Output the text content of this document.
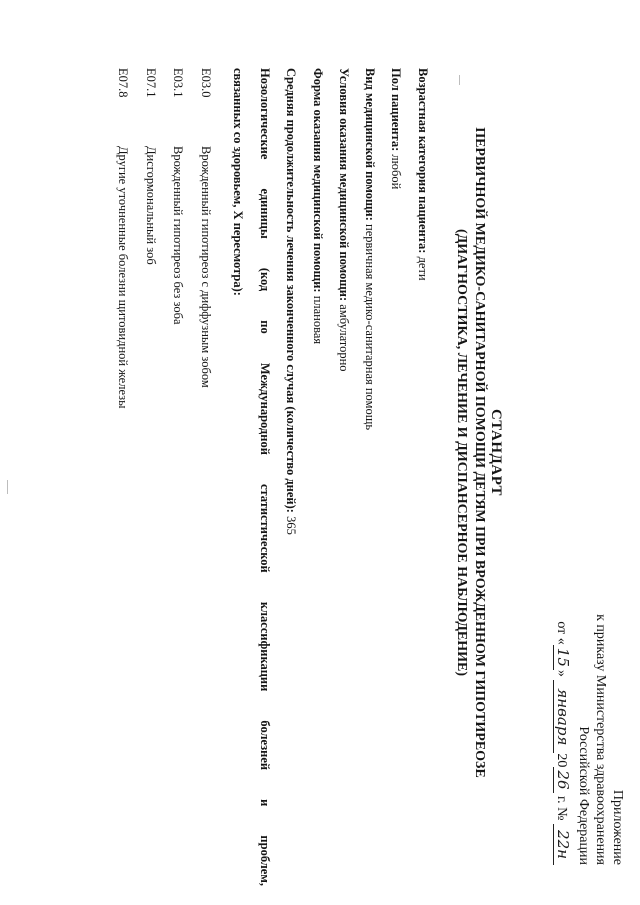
Приложение
к приказу Министерства здравоохранения
Российской Федерации
от «15» января2026 г. № 22н
СТАНДАРТ
ПЕРВИЧНОЙ МЕДИКО-САНИТАРНОЙ ПОМОЩИ ДЕТЯМ ПРИ ВРОЖДЕННОМ ГИПОТИРЕОЗЕ
(ДИАГНОСТИКА, ЛЕЧЕНИЕ И ДИСПАНСЕРНОЕ НАБЛЮДЕНИЕ)
Возрастная категория пациента: дети
Пол пациента: любой
Вид медицинской помощи: первичная медико-санитарная помощь
Условия оказания медицинской помощи: амбулаторно
Форма оказания медицинской помощи: плановая
Средняя продолжительность лечения законченного случая (количество дней): 365
Нозологические
единицы
(код
по
Международной
статистической
классификации
болезней
и
проблем,
связанных со здоровьем, X пересмотра):
E03.0
Врожденный гипотиреоз с диффузным зобом
E03.1
Врожденный гипотиреоз без зоба
E07.1
Дисгормональный зоб
E07.8
Другие уточненные болезни щитовидной железы
